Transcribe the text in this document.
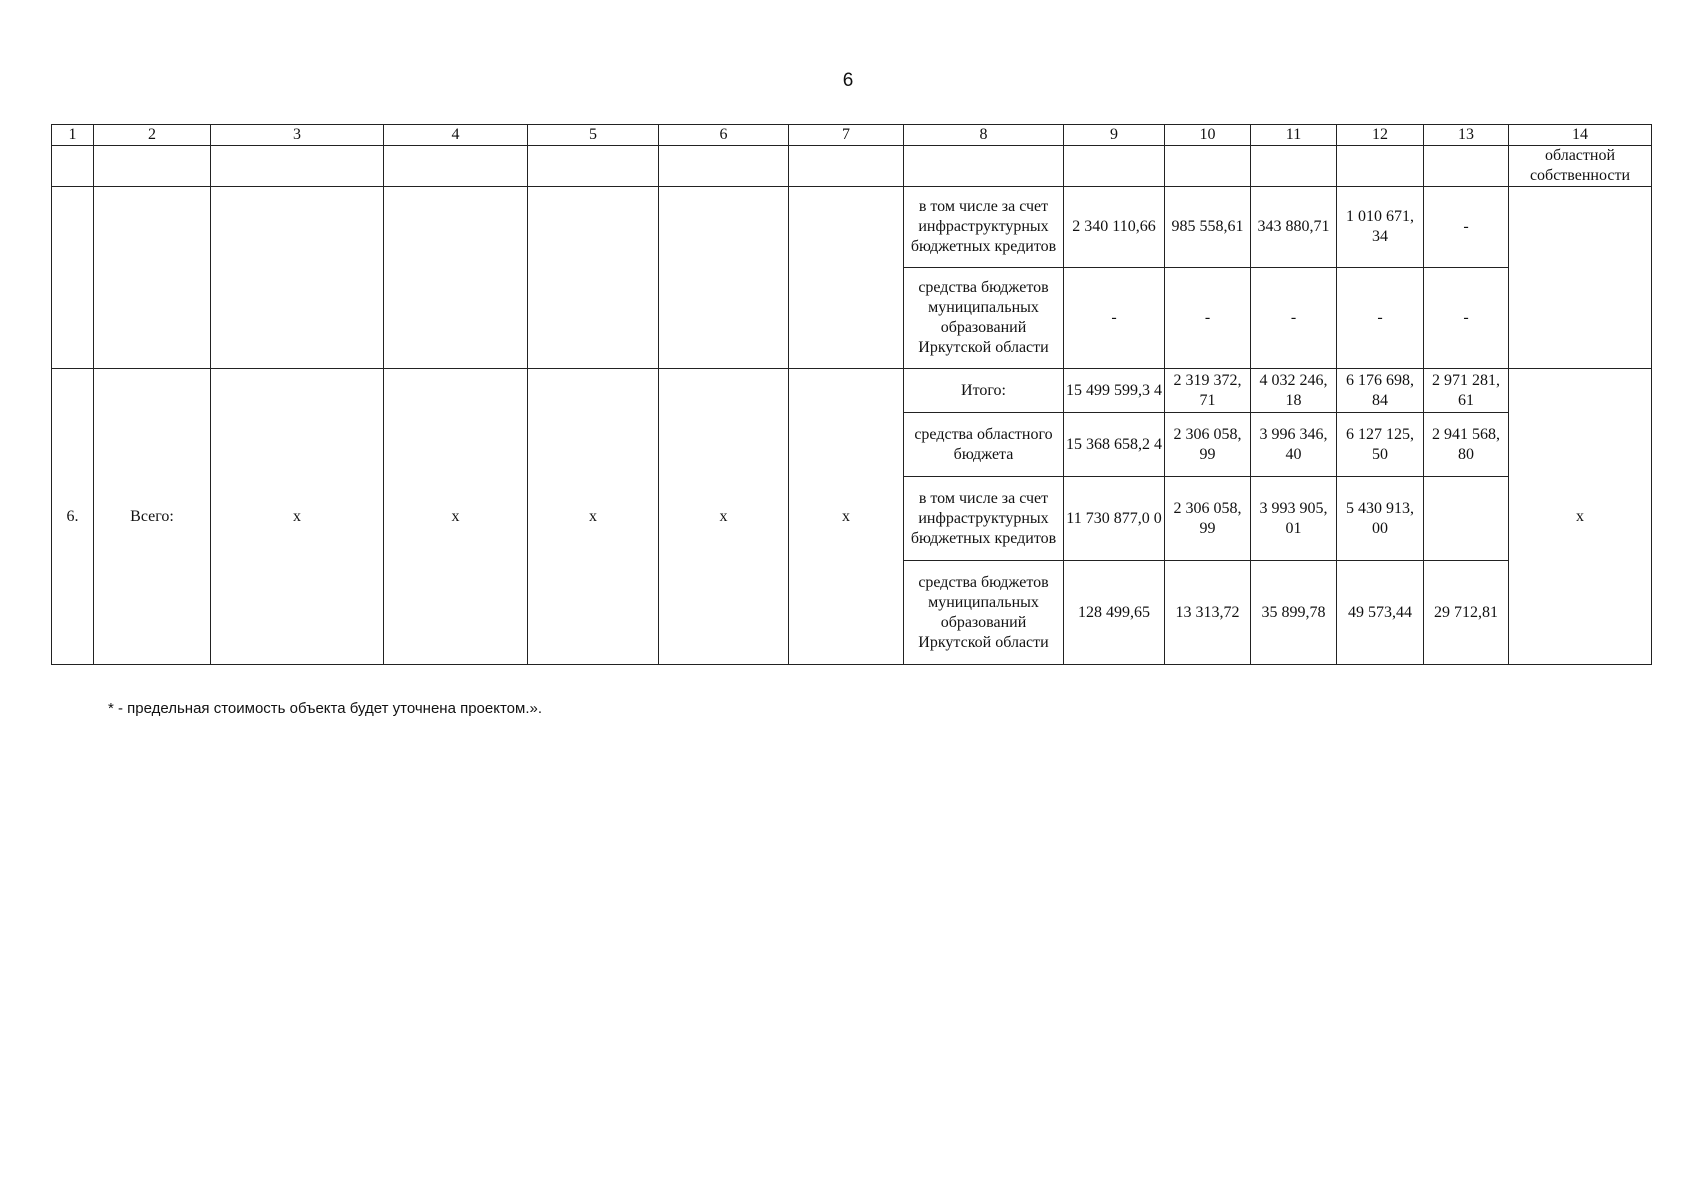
6
1	2	3	4	5	6	7	8	9	10	11	12	13	14
													областной собственности
							в том числе за счет инфраструктурных бюджетных кредитов	2 340 110,66	985 558,61	343 880,71	1 010 671, 34	-	
							средства бюджетов муниципальных образований Иркутской области	-	-	-	-	-	
6.	Всего:	х	х	х	х	х	Итого:	15 499 599,3 4	2 319 372, 71	4 032 246, 18	6 176 698, 84	2 971 281, 61	х
							средства областного бюджета	15 368 658,2 4	2 306 058, 99	3 996 346, 40	6 127 125, 50	2 941 568, 80	
							в том числе за счет инфраструктурных бюджетных кредитов	11 730 877,0 0	2 306 058, 99	3 993 905, 01	5 430 913, 00		
							средства бюджетов муниципальных образований Иркутской области	128 499,65	13 313,72	35 899,78	49 573,44	29 712,81	
* - предельная стоимость объекта будет уточнена проектом.».
